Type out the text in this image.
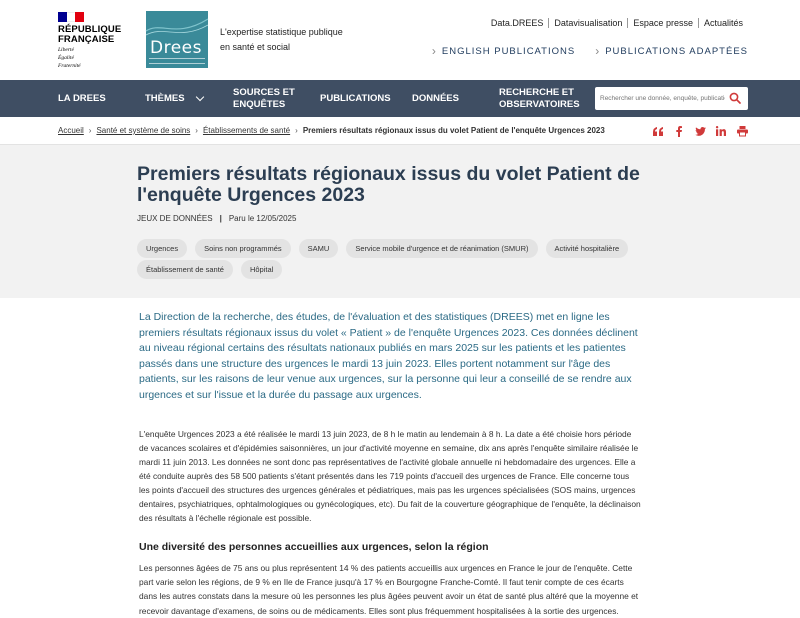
RÉPUBLIQUE
FRANÇAISE
Liberté
Égalité
Fraternité
Drees
L'expertise statistique publique
en santé et social
Data.DREES	Datavisualisation	Espace presse	Actualités
› ENGLISH PUBLICATIONS › PUBLICATIONS ADAPTÉES
LA DREES	THÈMES
SOURCES ET
ENQUÊTES
PUBLICATIONS DONNÉES
RECHERCHE ET
OBSERVATOIRES
Rechercher une donnée, enquête, publication...
Accueil › Santé et système de soins › Établissements de santé › Premiers résultats régionaux issus du volet Patient de l'enquête Urgences 2023
Premiers résultats régionaux issus du volet Patient de l'enquête Urgences 2023
JEUX DE DONNÉES | Paru le 12/05/2025
Urgences	Soins non programmés	SAMU	Service mobile d'urgence et de réanimation (SMUR)	Activité hospitalière
Établissement de santé	Hôpital

La Direction de la recherche, des études, de l'évaluation et des statistiques (DREES) met en ligne les premiers résultats régionaux issus du volet « Patient » de l'enquête Urgences 2023. Ces données déclinent au niveau régional certains des résultats nationaux publiés en mars 2025 sur les patients et les patientes passés dans une structure des urgences le mardi 13 juin 2023. Elles portent notamment sur l'âge des patients, sur les raisons de leur venue aux urgences, sur la personne qui leur a conseillé de se rendre aux urgences et sur l'issue et la durée du passage aux urgences.

L'enquête Urgences 2023 a été réalisée le mardi 13 juin 2023, de 8 h le matin au lendemain à 8 h. La date a été choisie hors période de vacances scolaires et d'épidémies saisonnières, un jour d'activité moyenne en semaine, dix ans après l'enquête similaire réalisée le mardi 11 juin 2013. Les données ne sont donc pas représentatives de l'activité globale annuelle ni hebdomadaire des urgences. Elle a été conduite auprès des 58 500 patients s'étant présentés dans les 719 points d'accueil des urgences de France. Elle concerne tous les points d'accueil des structures des urgences générales et pédiatriques, mais pas les urgences spécialisées (SOS mains, urgences dentaires, psychiatriques, ophtalmologiques ou gynécologiques, etc). Du fait de la couverture géographique de l'enquête, la déclinaison des résultats à l'échelle régionale est possible.

Une diversité des personnes accueillies aux urgences, selon la région

Les personnes âgées de 75 ans ou plus représentent 14 % des patients accueillis aux urgences en France le jour de l'enquête. Cette part varie selon les régions, de 9 % en Ile de France jusqu'à 17 % en Bourgogne Franche-Comté. Il faut tenir compte de ces écarts dans les autres constats dans la mesure où les personnes les plus âgées peuvent avoir un état de santé plus altéré que la moyenne et recevoir davantage d'examens, de soins ou de médicaments. Elles sont plus fréquemment hospitalisées à la sortie des urgences.
